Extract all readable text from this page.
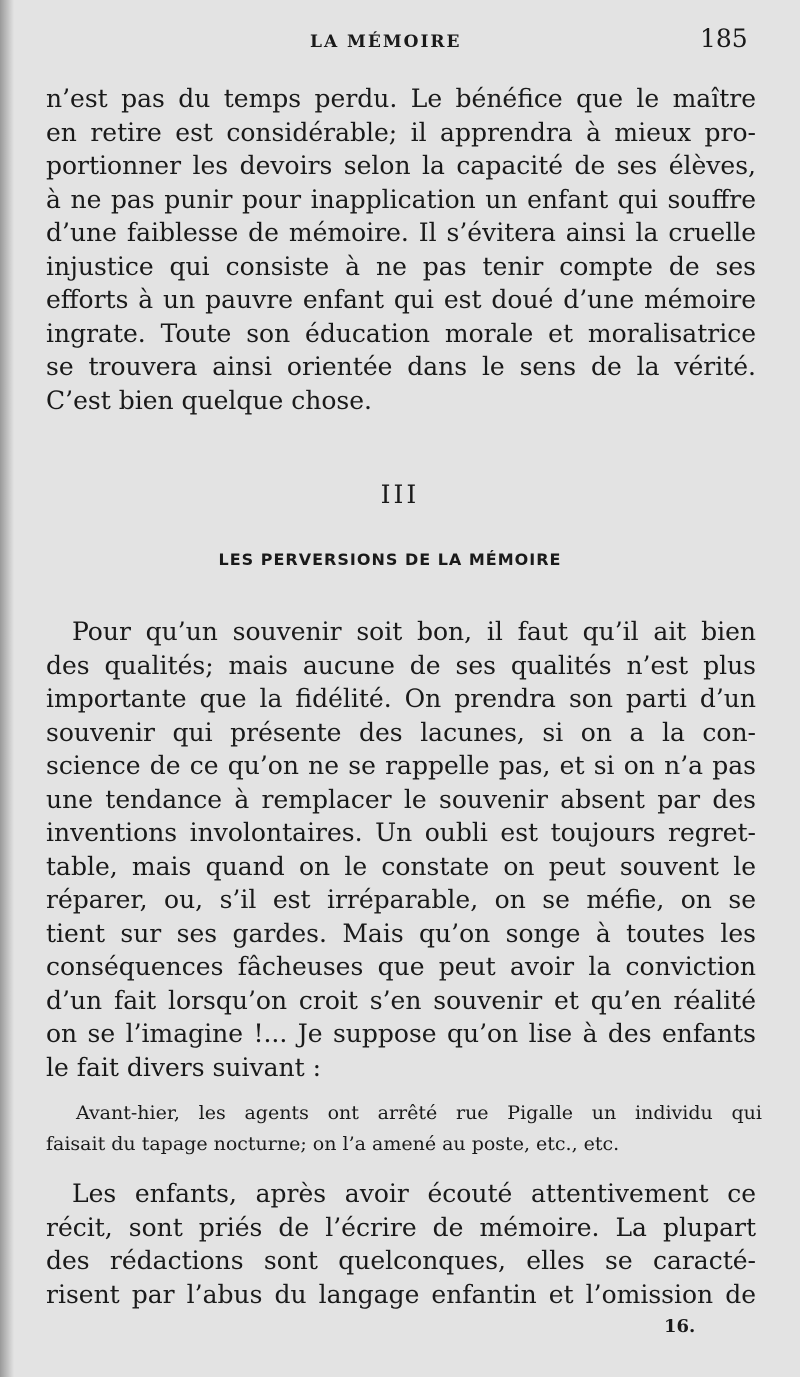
LA MÉMOIRE	185
n’est pas du temps perdu. Le bénéfice que le maître
en retire est considérable; il apprendra à mieux pro-
portionner les devoirs selon la capacité de ses élèves,
à ne pas punir pour inapplication un enfant qui souffre
d’une faiblesse de mémoire. Il s’évitera ainsi la cruelle
injustice qui consiste à ne pas tenir compte de ses
efforts à un pauvre enfant qui est doué d’une mémoire
ingrate. Toute son éducation morale et moralisatrice
se trouvera ainsi orientée dans le sens de la vérité.
C’est bien quelque chose.
III
LES PERVERSIONS DE LA MÉMOIRE
Pour qu’un souvenir soit bon, il faut qu’il ait bien
des qualités; mais aucune de ses qualités n’est plus
importante que la fidélité. On prendra son parti d’un
souvenir qui présente des lacunes, si on a la con-
science de ce qu’on ne se rappelle pas, et si on n’a pas
une tendance à remplacer le souvenir absent par des
inventions involontaires. Un oubli est toujours regret-
table, mais quand on le constate on peut souvent le
réparer, ou, s’il est irréparable, on se méfie, on se
tient sur ses gardes. Mais qu’on songe à toutes les
conséquences fâcheuses que peut avoir la conviction
d’un fait lorsqu’on croit s’en souvenir et qu’en réalité
on se l’imagine !... Je suppose qu’on lise à des enfants
le fait divers suivant :
Avant-hier, les agents ont arrêté rue Pigalle un individu qui
faisait du tapage nocturne; on l’a amené au poste, etc., etc.
Les enfants, après avoir écouté attentivement ce
récit, sont priés de l’écrire de mémoire. La plupart
des rédactions sont quelconques, elles se caracté-
risent par l’abus du langage enfantin et l’omission de
16.
